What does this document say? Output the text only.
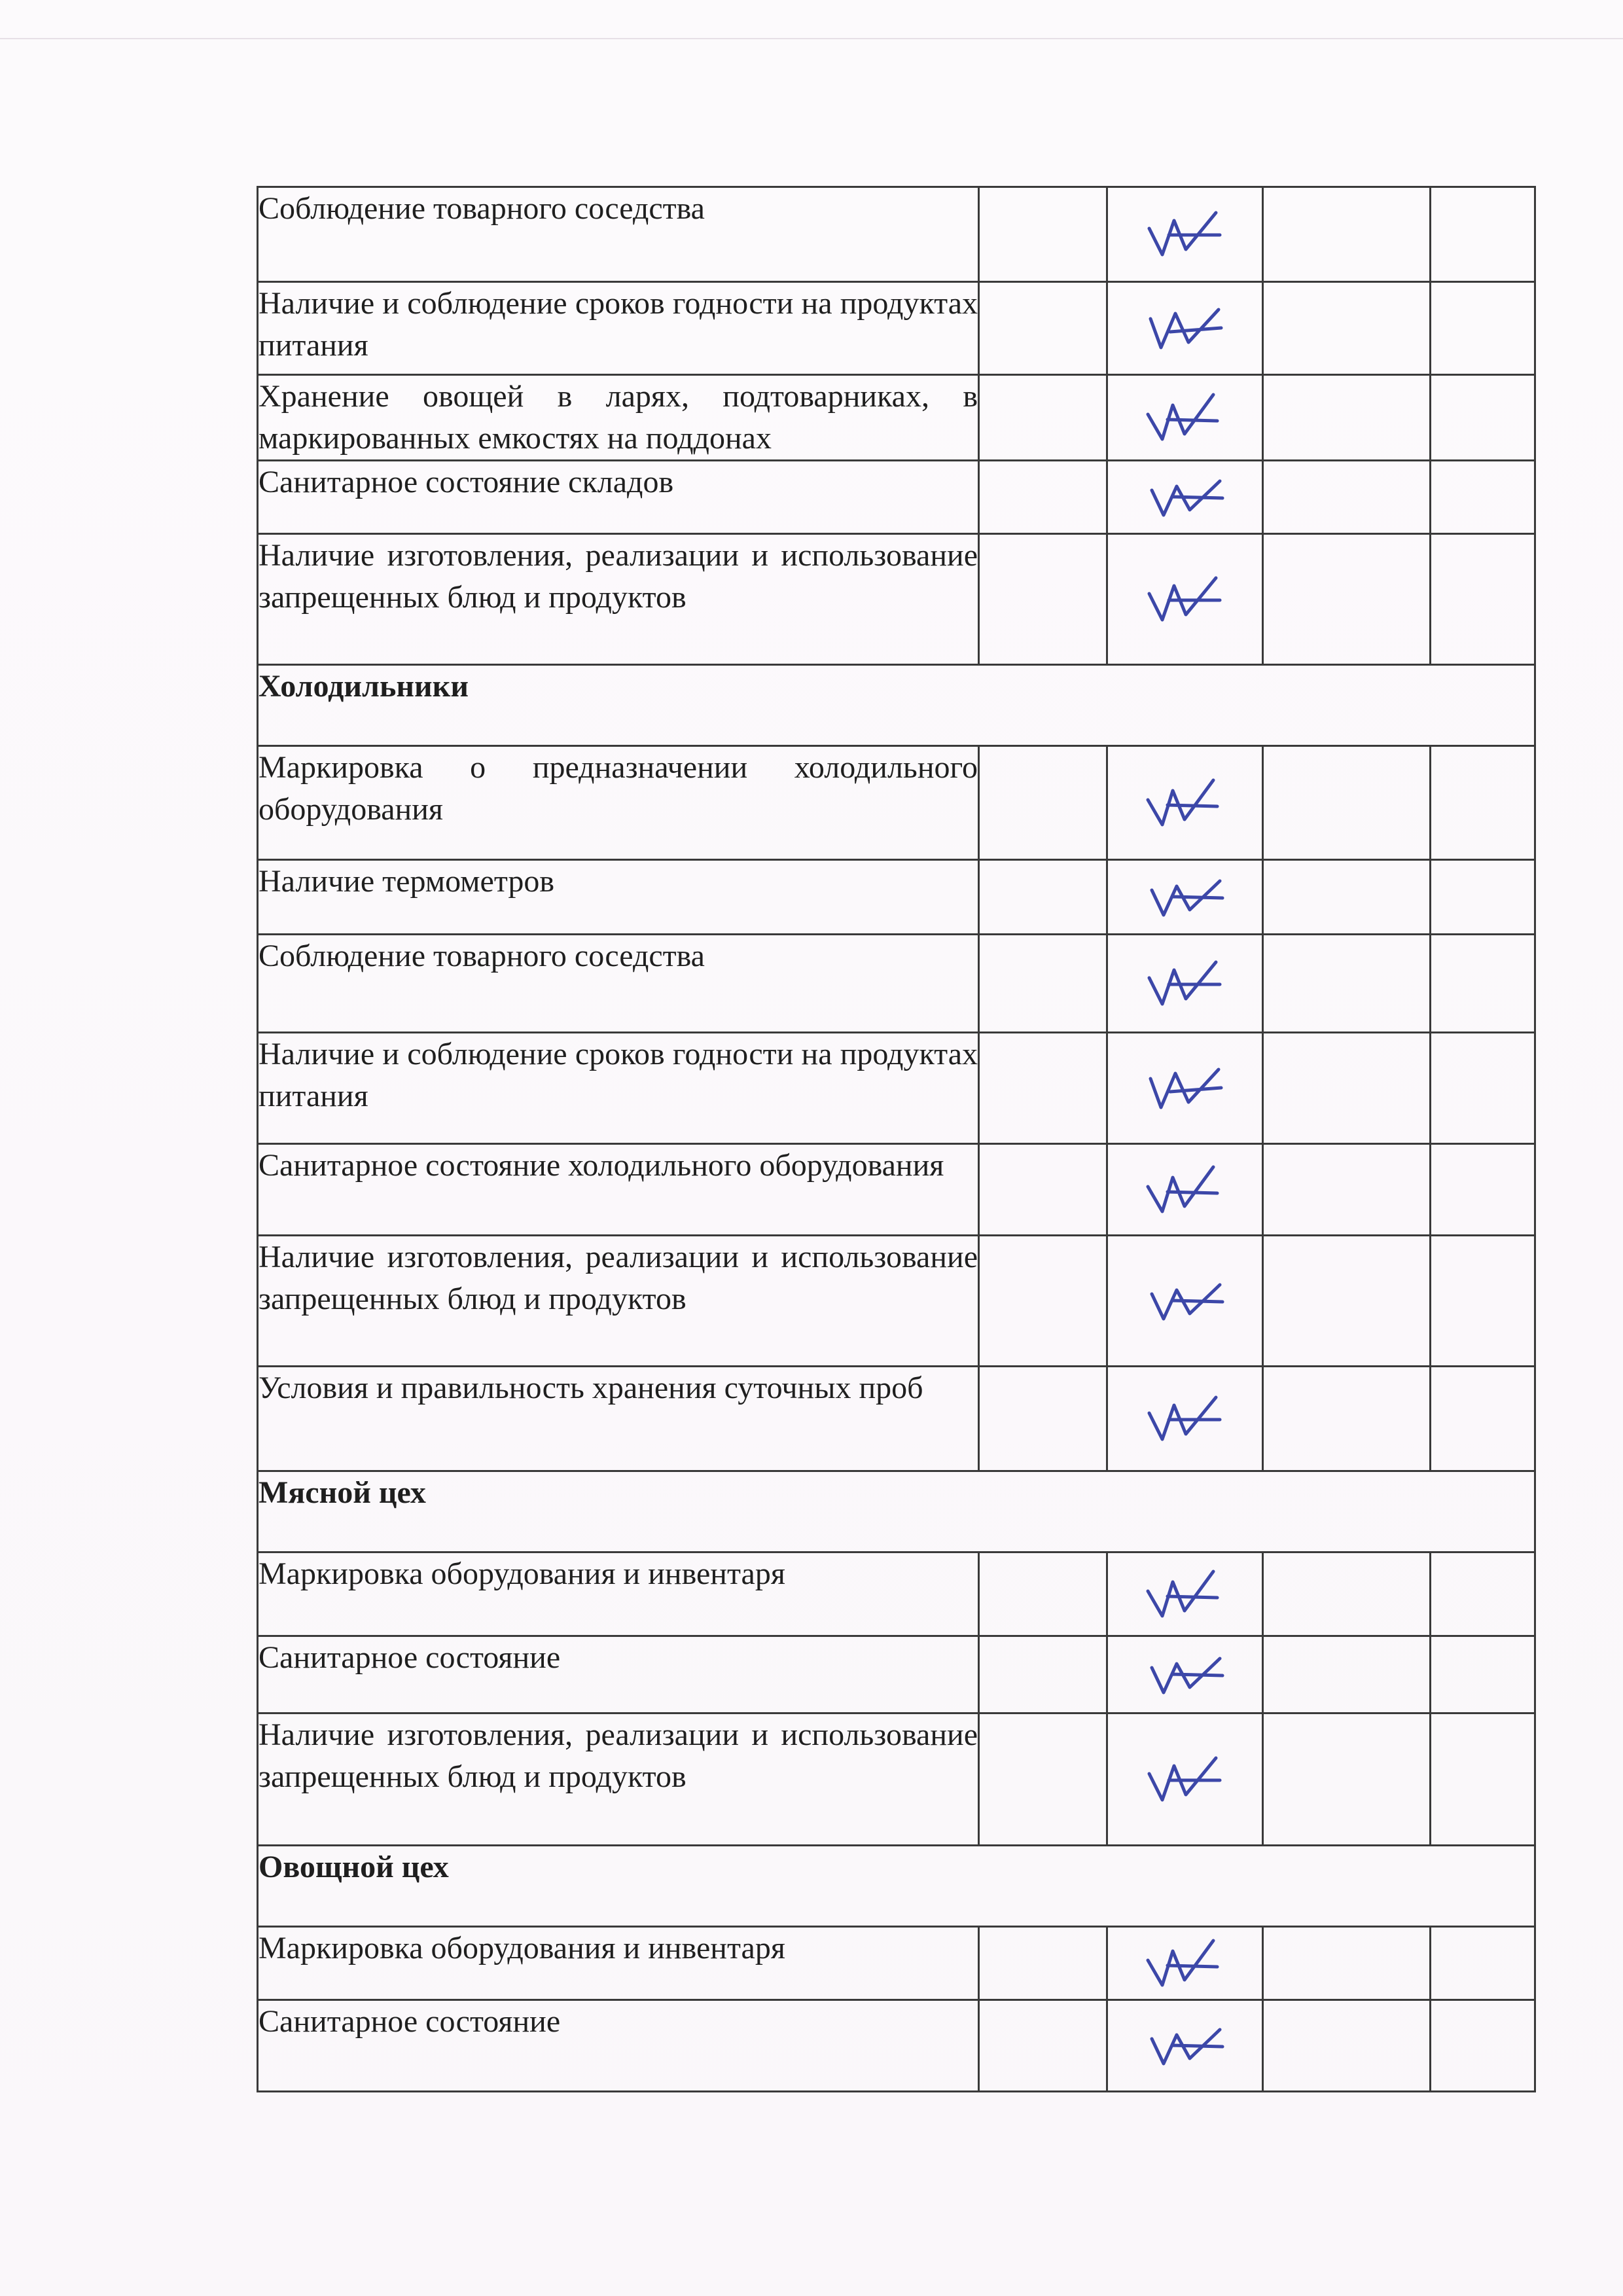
Соблюдение товарного соседства		

Наличие и соблюдение сроков годности на продуктах питания		

Хранение овощей в ларях, подтоварниках, в маркированных емкостях на поддонах		

Санитарное состояние складов		

Наличие изготовления, реализации и использование запрещенных блюд и продуктов		

Холодильники				
Маркировка о предназначении холодильного оборудования		

Наличие термометров		

Соблюдение товарного соседства		

Наличие и соблюдение сроков годности на продуктах питания		

Санитарное состояние холодильного оборудования		

Наличие изготовления, реализации и использование запрещенных блюд и продуктов		

Условия и правильность хранения суточных проб		

Мясной цех				
Маркировка оборудования и инвентаря		

Санитарное состояние		

Наличие изготовления, реализации и использование запрещенных блюд и продуктов		

Овощной цех				
Маркировка оборудования и инвентаря		

Санитарное состояние		
